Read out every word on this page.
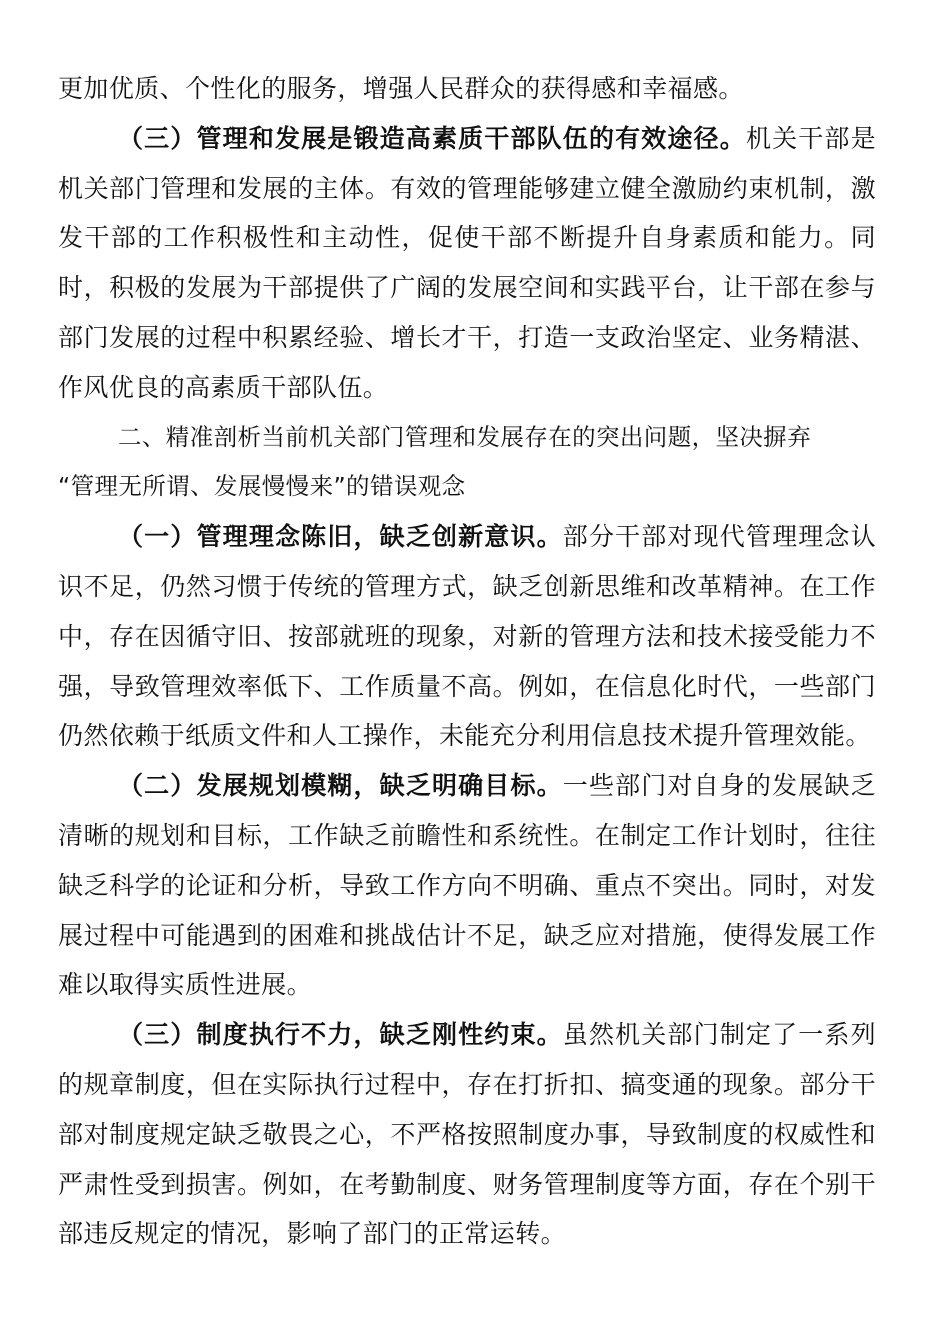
更加优质、个性化的服务，增强人民群众的获得感和幸福感。

（三）管理和发展是锻造高素质干部队伍的有效途径。机关干部是机关部门管理和发展的主体。有效的管理能够建立健全激励约束机制，激发干部的工作积极性和主动性，促使干部不断提升自身素质和能力。同时，积极的发展为干部提供了广阔的发展空间和实践平台，让干部在参与部门发展的过程中积累经验、增长才干，打造一支政治坚定、业务精湛、作风优良的高素质干部队伍。

二、精准剖析当前机关部门管理和发展存在的突出问题，坚决摒弃
“管理无所谓、发展慢慢来”的错误观念

（一）管理理念陈旧，缺乏创新意识。部分干部对现代管理理念认识不足，仍然习惯于传统的管理方式，缺乏创新思维和改革精神。在工作中，存在因循守旧、按部就班的现象，对新的管理方法和技术接受能力不强，导致管理效率低下、工作质量不高。例如，在信息化时代，一些部门仍然依赖于纸质文件和人工操作，未能充分利用信息技术提升管理效能。

（二）发展规划模糊，缺乏明确目标。一些部门对自身的发展缺乏清晰的规划和目标，工作缺乏前瞻性和系统性。在制定工作计划时，往往缺乏科学的论证和分析，导致工作方向不明确、重点不突出。同时，对发展过程中可能遇到的困难和挑战估计不足，缺乏应对措施，使得发展工作难以取得实质性进展。

（三）制度执行不力，缺乏刚性约束。虽然机关部门制定了一系列的规章制度，但在实际执行过程中，存在打折扣、搞变通的现象。部分干部对制度规定缺乏敬畏之心，不严格按照制度办事，导致制度的权威性和严肃性受到损害。例如，在考勤制度、财务管理制度等方面，存在个别干部违反规定的情况，影响了部门的正常运转。
